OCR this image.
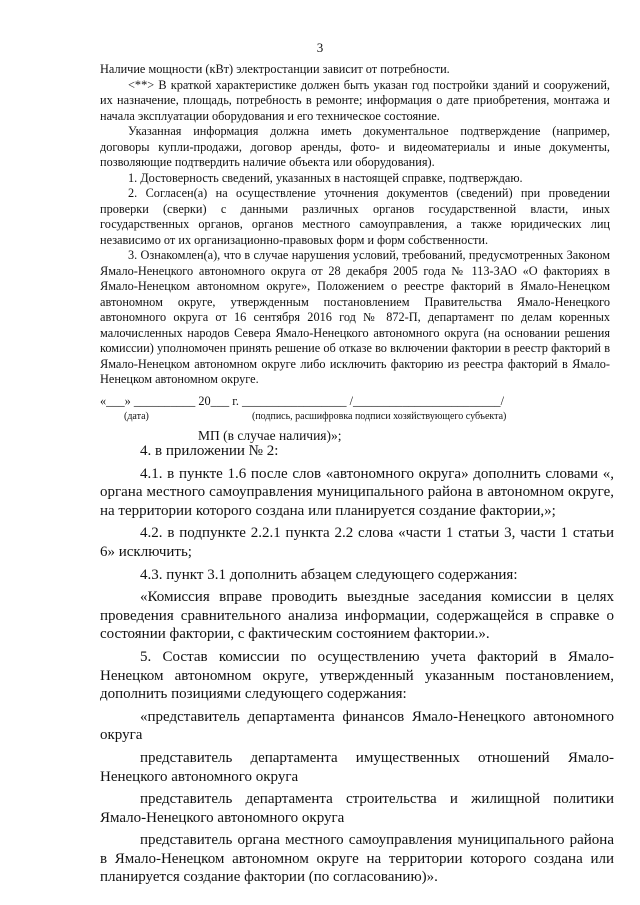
3

Наличие мощности (кВт) электростанции зависит от потребности.

<**> В краткой характеристике должен быть указан год постройки зданий и сооружений, их назначение, площадь, потребность в ремонте; информация о дате приобретения, монтажа и начала эксплуатации оборудования и его техническое состояние.

Указанная информация должна иметь документальное подтверждение (например, договоры купли-продажи, договор аренды, фото- и видеоматериалы и иные документы, позволяющие подтвердить наличие объекта или оборудования).

1. Достоверность сведений, указанных в настоящей справке, подтверждаю.

2. Согласен(а) на осуществление уточнения документов (сведений) при проведении проверки (сверки) с данными различных органов государственной власти, иных государственных органов, органов местного самоуправления, а также юридических лиц независимо от их организационно-правовых форм и форм собственности.

3. Ознакомлен(а), что в случае нарушения условий, требований, предусмотренных Законом Ямало-Ненецкого автономного округа от 28 декабря 2005 года № 113-ЗАО «О факториях в Ямало-Ненецком автономном округе», Положением о реестре факторий в Ямало-Ненецком автономном округе, утвержденным постановлением Правительства Ямало-Ненецкого автономного округа от 16 сентября 2016 год № 872-П, департамент по делам коренных малочисленных народов Севера Ямало-Ненецкого автономного округа (на основании решения комиссии) уполномочен принять решение об отказе во включении фактории в реестр факторий в Ямало-Ненецком автономном округе либо исключить факторию из реестра факторий в Ямало-Ненецком автономном округе.

«___» __________ 20___ г. _________________ /________________________/
(дата)	(подпись, расшифровка подписи хозяйствующего субъекта)
МП (в случае наличия)»;

4. в приложении № 2:

4.1. в пункте 1.6 после слов «автономного округа» дополнить словами «, органа местного самоуправления муниципального района в автономном округе, на территории которого создана или планируется создание фактории,»;

4.2. в подпункте 2.2.1 пункта 2.2 слова «части 1 статьи 3, части 1 статьи 6» исключить;

4.3. пункт 3.1 дополнить абзацем следующего содержания:

«Комиссия вправе проводить выездные заседания комиссии в целях проведения сравнительного анализа информации, содержащейся в справке о состоянии фактории, с фактическим состоянием фактории.».

5. Состав комиссии по осуществлению учета факторий в Ямало-Ненецком автономном округе, утвержденный указанным постановлением, дополнить позициями следующего содержания:

«представитель департамента финансов Ямало-Ненецкого автономного округа

представитель департамента имущественных отношений Ямало-Ненецкого автономного округа

представитель департамента строительства и жилищной политики Ямало-Ненецкого автономного округа

представитель органа местного самоуправления муниципального района в Ямало-Ненецком автономном округе на территории которого создана или планируется создание фактории (по согласованию)».
